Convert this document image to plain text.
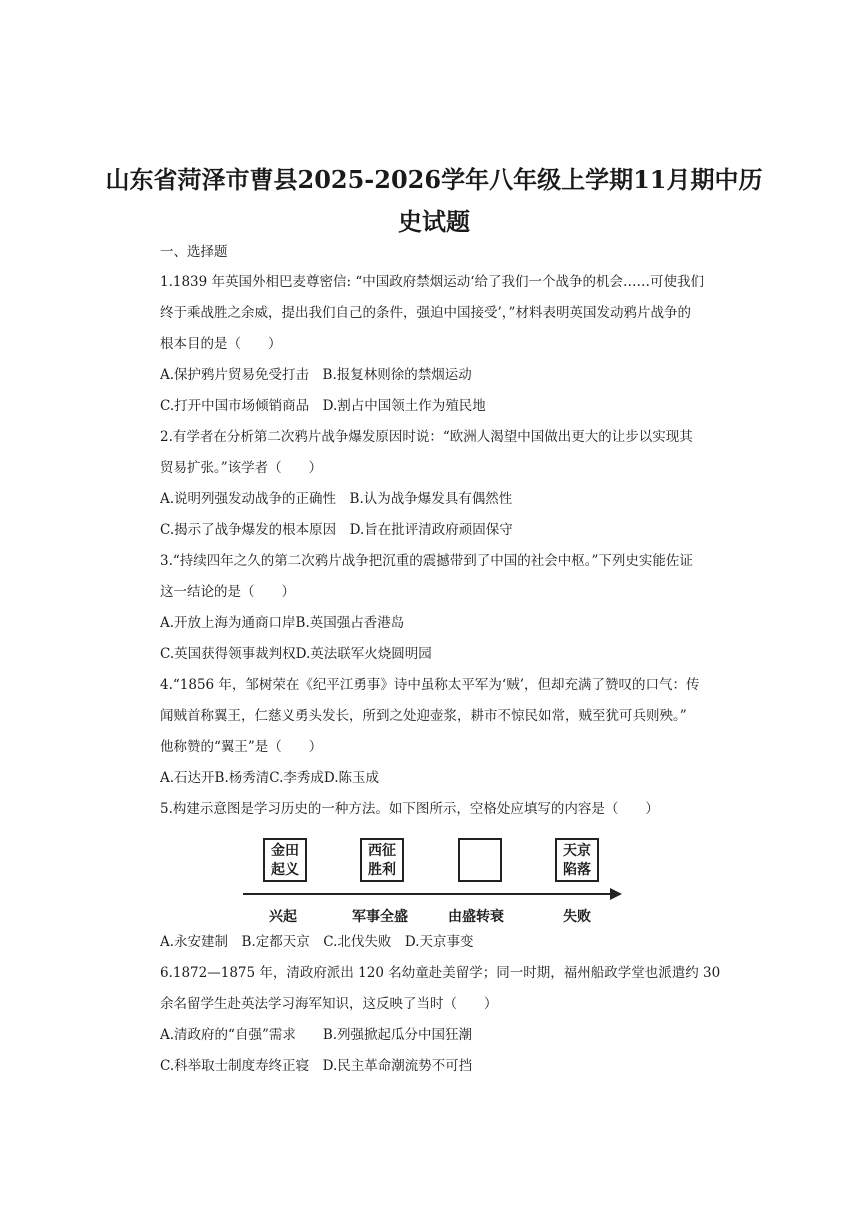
山东省菏泽市曹县2025-2026学年八年级上学期11月期中历
史试题
一、选择题
1.1839 年英国外相巴麦尊密信: “中国政府禁烟运动‘给了我们一个战争的机会……可使我们
终于乘战胜之余威，提出我们自己的条件，强迫中国接受’，”材料表明英国发动鸦片战争的
根本目的是（　　）
A.保护鸦片贸易免受打击　B.报复林则徐的禁烟运动
C.打开中国市场倾销商品　D.割占中国领土作为殖民地
2.有学者在分析第二次鸦片战争爆发原因时说：“欧洲人渴望中国做出更大的让步以实现其
贸易扩张。”该学者（　　）
A.说明列强发动战争的正确性　B.认为战争爆发具有偶然性
C.揭示了战争爆发的根本原因　D.旨在批评清政府顽固保守
3.“持续四年之久的第二次鸦片战争把沉重的震撼带到了中国的社会中枢。”下列史实能佐证
这一结论的是（　　）
A.开放上海为通商口岸B.英国强占香港岛
C.英国获得领事裁判权D.英法联军火烧圆明园
4.“1856 年，邹树荣在《纪平江勇事》诗中虽称太平军为‘贼’，但却充满了赞叹的口气：传
闻贼首称翼王，仁慈义勇头发长，所到之处迎壶浆，耕市不惊民如常，贼至犹可兵则殃。”
他称赞的“翼王”是（　　）
A.石达开B.杨秀清C.李秀成D.陈玉成
5.构建示意图是学习历史的一种方法。如下图所示，空格处应填写的内容是（　　）
金田
起义
西征
胜利
天京
陷落
兴起	军事全盛	由盛转衰	失败
A.永安建制　B.定都天京　C.北伐失败　D.天京事变
6.1872—1875 年，清政府派出 120 名幼童赴美留学；同一时期，福州船政学堂也派遣约 30
余名留学生赴英法学习海军知识，这反映了当时（　　）
A.清政府的“自强”需求　　B.列强掀起瓜分中国狂潮
C.科举取士制度寿终正寝　D.民主革命潮流势不可挡
